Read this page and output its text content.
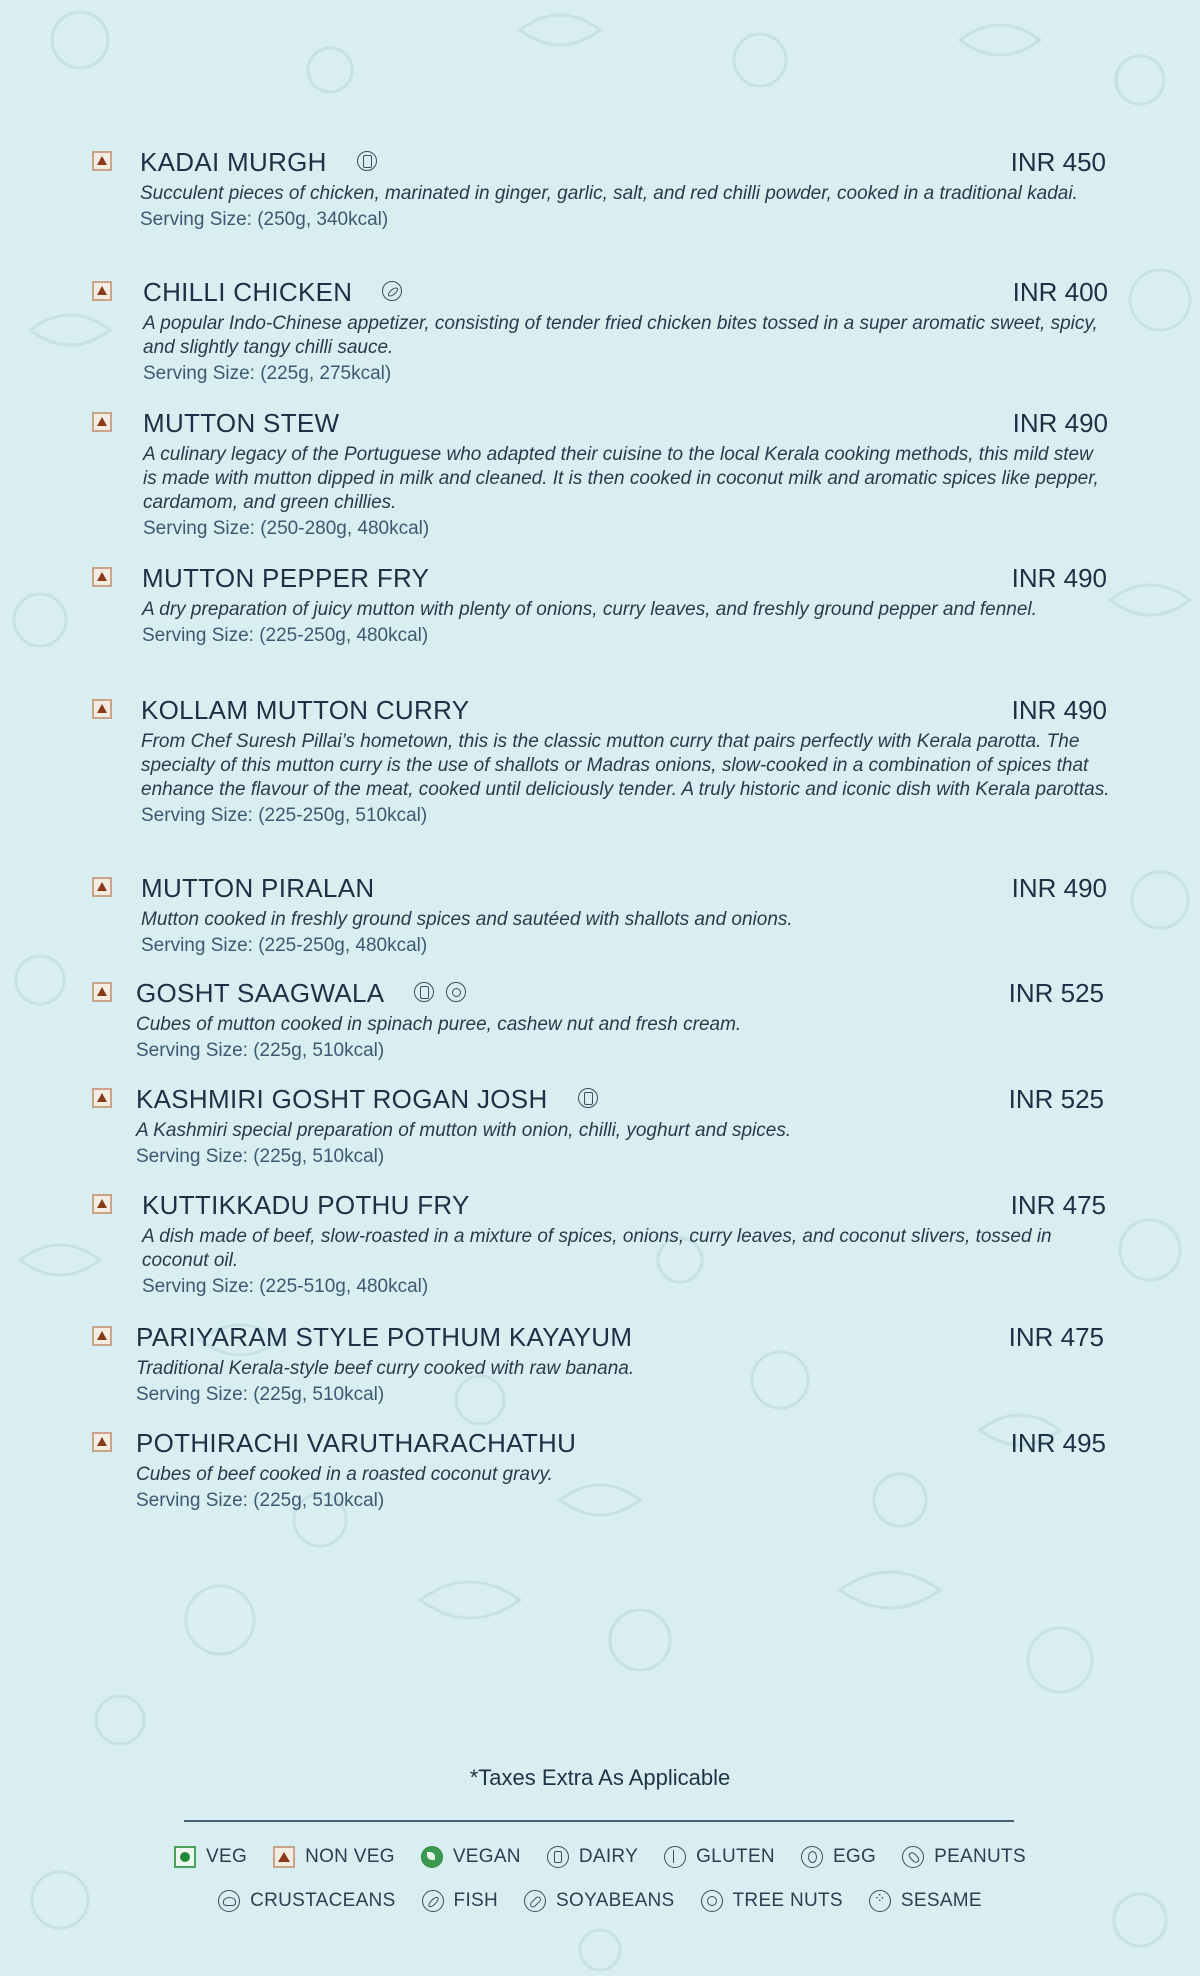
KADAI MURGH	INR 450
Succulent pieces of chicken, marinated in ginger, garlic, salt, and red chilli powder, cooked in a traditional kadai.
Serving Size: (250g, 340kcal)
CHILLI CHICKEN	INR 400
A popular Indo-Chinese appetizer, consisting of tender fried chicken bites tossed in a super aromatic sweet, spicy, and slightly tangy chilli sauce.
Serving Size: (225g, 275kcal)
MUTTON STEW	INR 490
A culinary legacy of the Portuguese who adapted their cuisine to the local Kerala cooking methods, this mild stew is made with mutton dipped in milk and cleaned. It is then cooked in coconut milk and aromatic spices like pepper, cardamom, and green chillies.
Serving Size: (250-280g, 480kcal)
MUTTON PEPPER FRY	INR 490
A dry preparation of juicy mutton with plenty of onions, curry leaves, and freshly ground pepper and fennel.
Serving Size: (225-250g, 480kcal)
KOLLAM MUTTON CURRY	INR 490
From Chef Suresh Pillai’s hometown, this is the classic mutton curry that pairs perfectly with Kerala parotta. The specialty of this mutton curry is the use of shallots or Madras onions, slow-cooked in a combination of spices that enhance the flavour of the meat, cooked until deliciously tender. A truly historic and iconic dish with Kerala parottas.
Serving Size: (225-250g, 510kcal)
MUTTON PIRALAN	INR 490
Mutton cooked in freshly ground spices and sautéed with shallots and onions.
Serving Size: (225-250g, 480kcal)
GOSHT SAAGWALA	INR 525
Cubes of mutton cooked in spinach puree, cashew nut and fresh cream.
Serving Size: (225g, 510kcal)
KASHMIRI GOSHT ROGAN JOSH	INR 525
A Kashmiri special preparation of mutton with onion, chilli, yoghurt and spices.
Serving Size: (225g, 510kcal)
KUTTIKKADU POTHU FRY	INR 475
A dish made of beef, slow-roasted in a mixture of spices, onions, curry leaves, and coconut slivers, tossed in coconut oil.
Serving Size: (225-510g, 480kcal)
PARIYARAM STYLE POTHUM KAYAYUM	INR 475
Traditional Kerala-style beef curry cooked with raw banana.
Serving Size: (225g, 510kcal)
POTHIRACHI VARUTHARACHATHU	INR 495
Cubes of beef cooked in a roasted coconut gravy.
Serving Size: (225g, 510kcal)
*Taxes Extra As Applicable
VEG	NON VEG	VEGAN	DAIRY	GLUTEN	EGG	PEANUTS
CRUSTACEANS	FISH	SOYABEANS	TREE NUTS
⁘	SESAME
